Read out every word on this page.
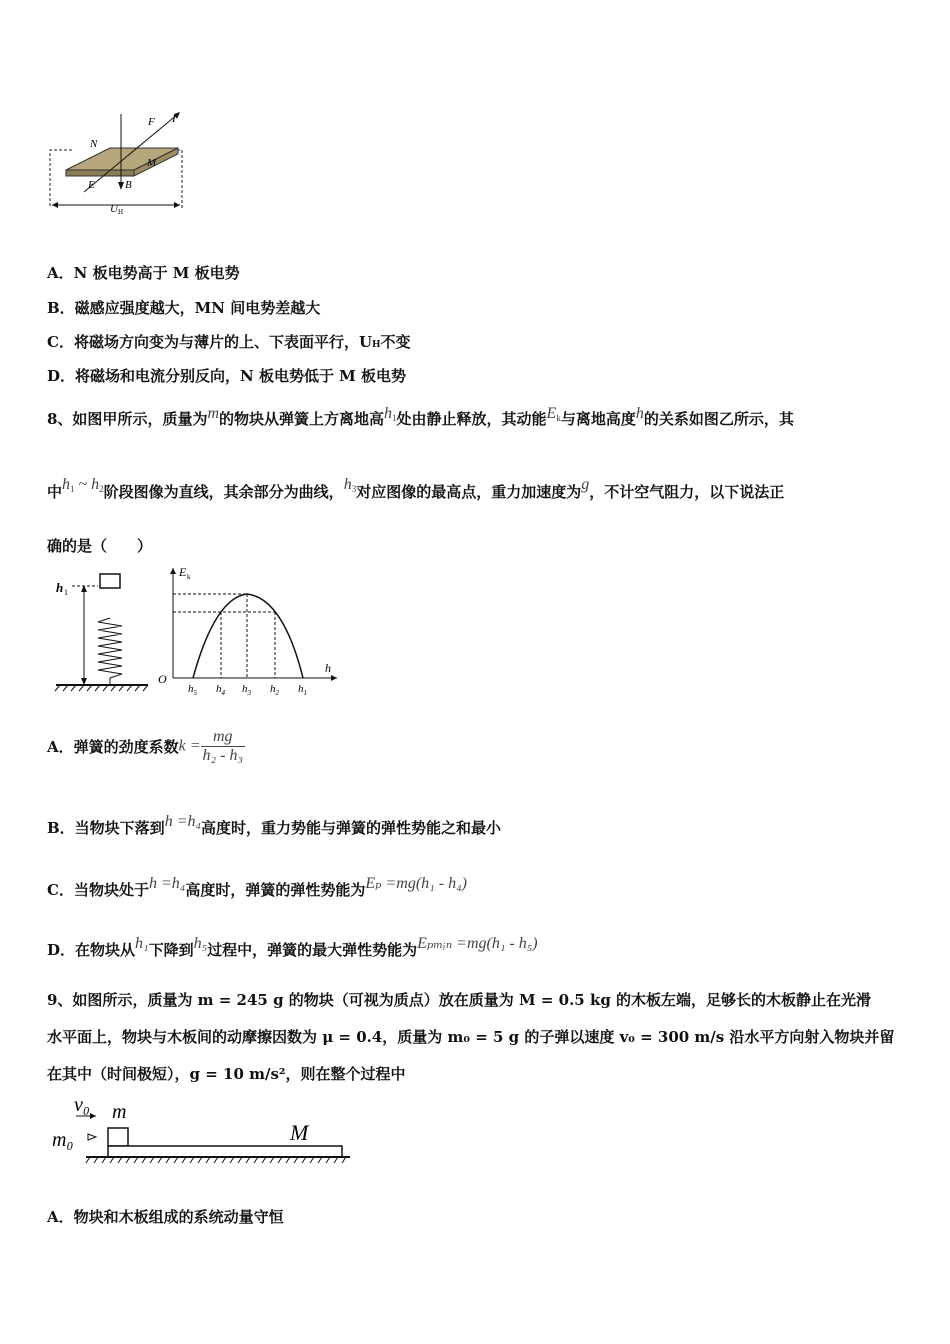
N
F I
M
E	B
U H
A．N 板电势高于 M 板电势
B．磁感应强度越大，MN 间电势差越大
C．将磁场方向变为与薄片的上、下表面平行，UH不变
D．将磁场和电流分别反向，N 板电势低于 M 板电势
8、如图甲所示，质量为m的物块从弹簧上方离地高$h_1$处由静止释放，其动能$E_k$与离地高度h的关系如图乙所示，其
中$h_1$ ~ $h_2$阶段图像为直线，其余部分为曲线，$h_3$对应图像的最高点，重力加速度为g，不计空气阻力，以下说法正
确的是（　　）
h 1
E k
O
h
$h_5$ $h_4$ $h_3$ $h_2$ $h_1$
A．弹簧的劲度系数$k = \frac{mg}{\text{h₂ - h₃}}$
B．当物块下落到h =h₄高度时，重力势能与弹簧的弹性势能之和最小
C．当物块处于h =h₄高度时，弹簧的弹性势能为Eₚ =mg(h₁ - h₄)
D．在物块从h₁下降到h₅过程中，弹簧的最大弹性势能为Eₚₘᵢₙ =mg(h₁ - h₅)
9、如图所示，质量为 m = 245 g 的物块（可视为质点）放在质量为 M = 0.5 kg 的木板左端，足够长的木板静止在光滑
水平面上，物块与木板间的动摩擦因数为 μ = 0.4，质量为 m₀ = 5 g 的子弹以速度 v₀ = 300 m/s 沿水平方向射入物块并留
在其中（时间极短），g = 10 m/s²，则在整个过程中
v₀ m
m₀	M
A．物块和木板组成的系统动量守恒
